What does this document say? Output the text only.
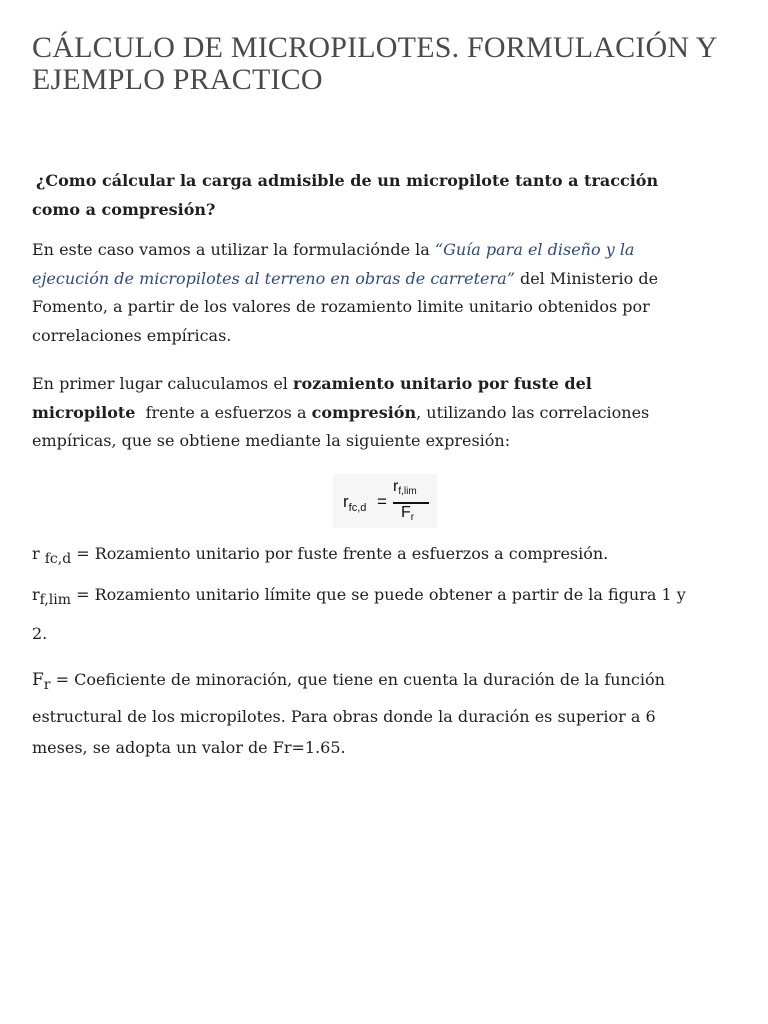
CÁLCULO DE MICROPILOTES. FORMULACIÓN Y
EJEMPLO PRACTICO

¿Como cálcular la carga admisible de un micropilote tanto a tracción
como a compresión?

En este caso vamos a utilizar la formulaciónde la “Guía para el diseño y la
ejecución de micropilotes al terreno en obras de carretera” del Ministerio de
Fomento, a partir de los valores de rozamiento limite unitario obtenidos por
correlaciones empíricas.

En primer lugar caluculamos el rozamiento unitario por fuste del
micropilote  frente a esfuerzos a compresión, utilizando las correlaciones
empíricas, que se obtiene mediante la siguiente expresión:

$r_{fc,d}$ =
$r_{f,lim}$
$F_r$
r $_{fc,d}$ = Rozamiento unitario por fuste frente a esfuerzos a compresión.
$r_{f,lim}$ = Rozamiento unitario límite que se puede obtener a partir de la figura 1 y
2.
$F_r$ = Coeficiente de minoración, que tiene en cuenta la duración de la función
estructural de los micropilotes. Para obras donde la duración es superior a 6
meses, se adopta un valor de Fr=1.65.
